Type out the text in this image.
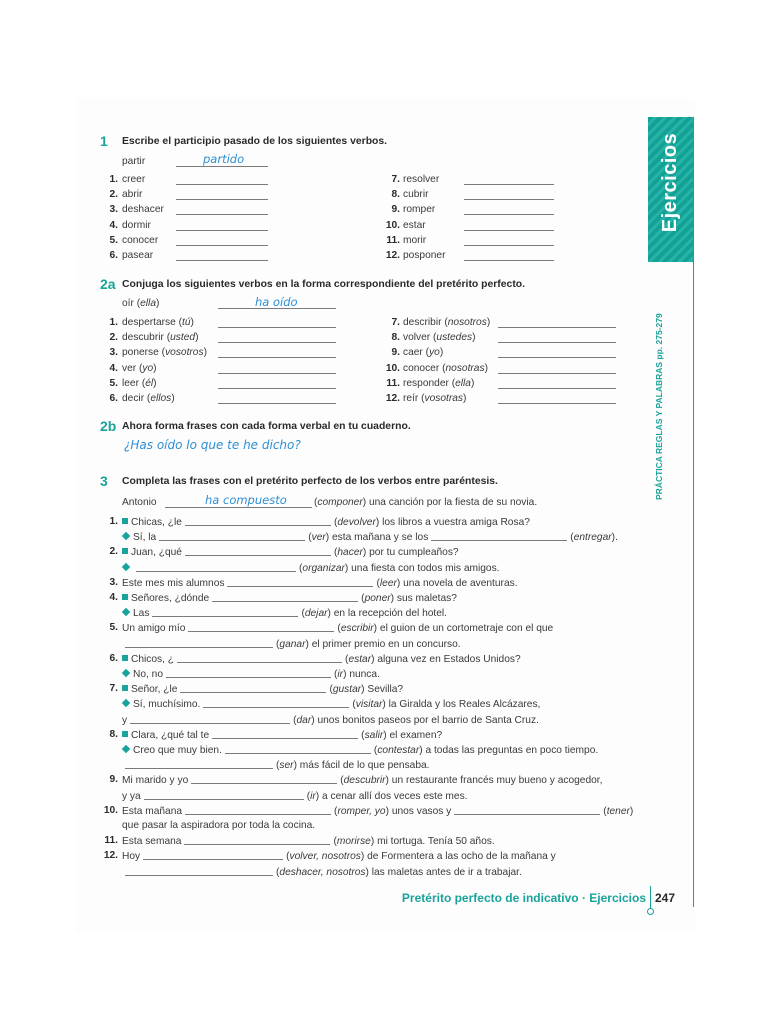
Ejercicios
PRÁCTICA REGLAS Y PALABRAS pp. 275-279
1 Escribe el participio pasado de los siguientes verbos.
partir	partido
1. creer
2. abrir
3. deshacer
4. dormir
5. conocer
6. pasear
7. resolver
8. cubrir
9. romper
10. estar
11. morir
12. posponer
2a Conjuga los siguientes verbos en la forma correspondiente del pretérito perfecto.
oír (ella)	ha oído
1. despertarse (tú)
2. descubrir (usted)
3. ponerse (vosotros)
4. ver (yo)
5. leer (él)
6. decir (ellos)
7. describir (nosotros)
8. volver (ustedes)
9. caer (yo)
10. conocer (nosotras)
11. responder (ella)
12. reír (vosotras)
2b Ahora forma frases con cada forma verbal en tu cuaderno.
¿Has oído lo que te he dicho?
3 Completa las frases con el pretérito perfecto de los verbos entre paréntesis.
Antonio	ha compuesto	(componer) una canción por la fiesta de su novia.
1.	Chicas, ¿le	(devolver) los libros a vuestra amiga Rosa?
Sí, la	(ver) esta mañana y se los	(entregar).
2.	Juan, ¿qué	(hacer) por tu cumpleaños?
(organizar) una fiesta con todos mis amigos.
3. Este mes mis alumnos	(leer) una novela de aventuras.
4.	Señores, ¿dónde	(poner) sus maletas?
Las	(dejar) en la recepción del hotel.
5. Un amigo mío	(escribir) el guion de un cortometraje con el que
(ganar) el primer premio en un concurso.
6.	Chicos, ¿	(estar) alguna vez en Estados Unidos?
No, no	(ir) nunca.
7.	Señor, ¿le	(gustar) Sevilla?
Sí, muchísimo.	(visitar) la Giralda y los Reales Alcázares,
y	(dar) unos bonitos paseos por el barrio de Santa Cruz.
8.	Clara, ¿qué tal te	(salir) el examen?
Creo que muy bien.	(contestar) a todas las preguntas en poco tiempo.
(ser) más fácil de lo que pensaba.
9. Mi marido y yo	(descubrir) un restaurante francés muy bueno y acogedor,
y ya	(ir) a cenar allí dos veces este mes.
10. Esta mañana	(romper, yo) unos vasos y	(tener)
que pasar la aspiradora por toda la cocina.
11. Esta semana	(morirse) mi tortuga. Tenía 50 años.
12. Hoy	(volver, nosotros) de Formentera a las ocho de la mañana y
(deshacer, nosotros) las maletas antes de ir a trabajar.
Pretérito perfecto de indicativo · Ejercicios 247
